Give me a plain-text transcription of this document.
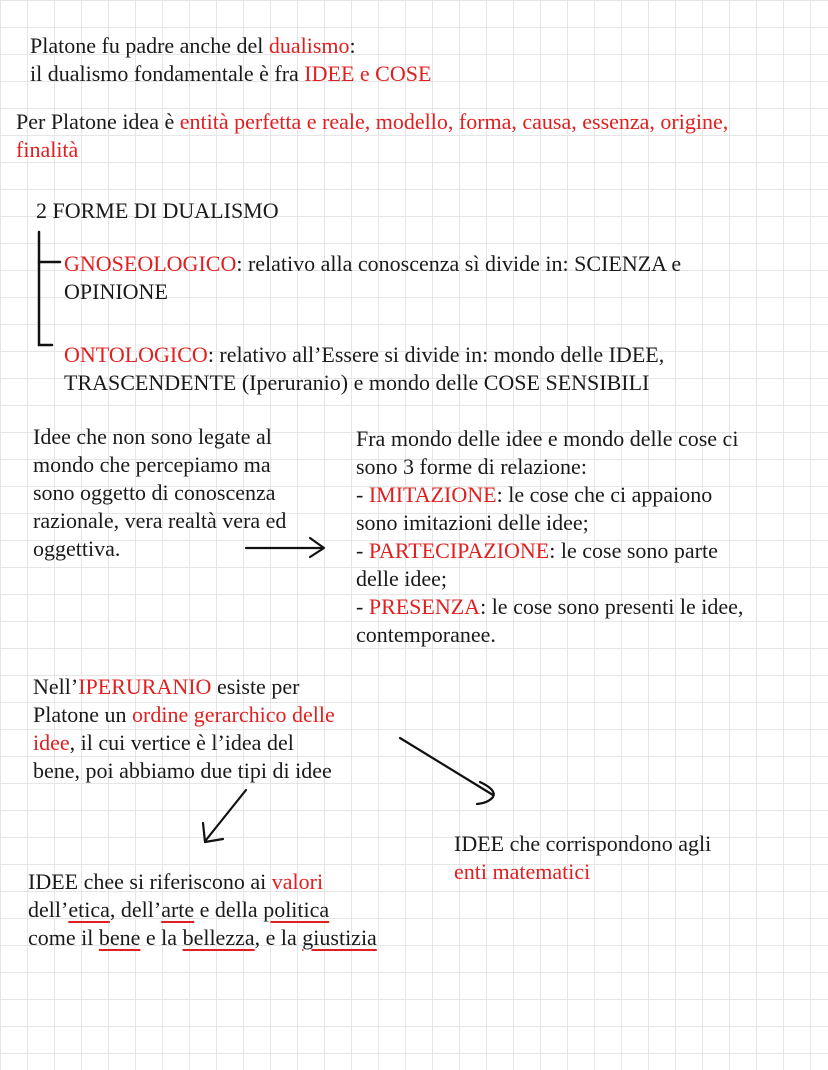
Platone fu padre anche del dualismo:
il dualismo fondamentale è fra IDEE e COSE
Per Platone idea è entità perfetta e reale, modello, forma, causa, essenza, origine,
finalità
2 FORME DI DUALISMO
GNOSEOLOGICO: relativo alla conoscenza sì divide in: SCIENZA e
OPINIONE
ONTOLOGICO: relativo all’Essere si divide in: mondo delle IDEE,
TRASCENDENTE (Iperuranio) e mondo delle COSE SENSIBILI
Idee che non sono legate al
mondo che percepiamo ma
sono oggetto di conoscenza
razionale, vera realtà vera ed
oggettiva.
Fra mondo delle idee e mondo delle cose ci
sono 3 forme di relazione:
- IMITAZIONE: le cose che ci appaiono
sono imitazioni delle idee;
- PARTECIPAZIONE: le cose sono parte
delle idee;
- PRESENZA: le cose sono presenti le idee,
contemporanee.
Nell’IPERURANIO esiste per
Platone un ordine gerarchico delle
idee, il cui vertice è l’idea del
bene, poi abbiamo due tipi di idee
IDEE chee si riferiscono ai valori
dell’etica, dell’arte e della politica
come il bene e la bellezza, e la giustizia
IDEE che corrispondono agli
enti matematici
